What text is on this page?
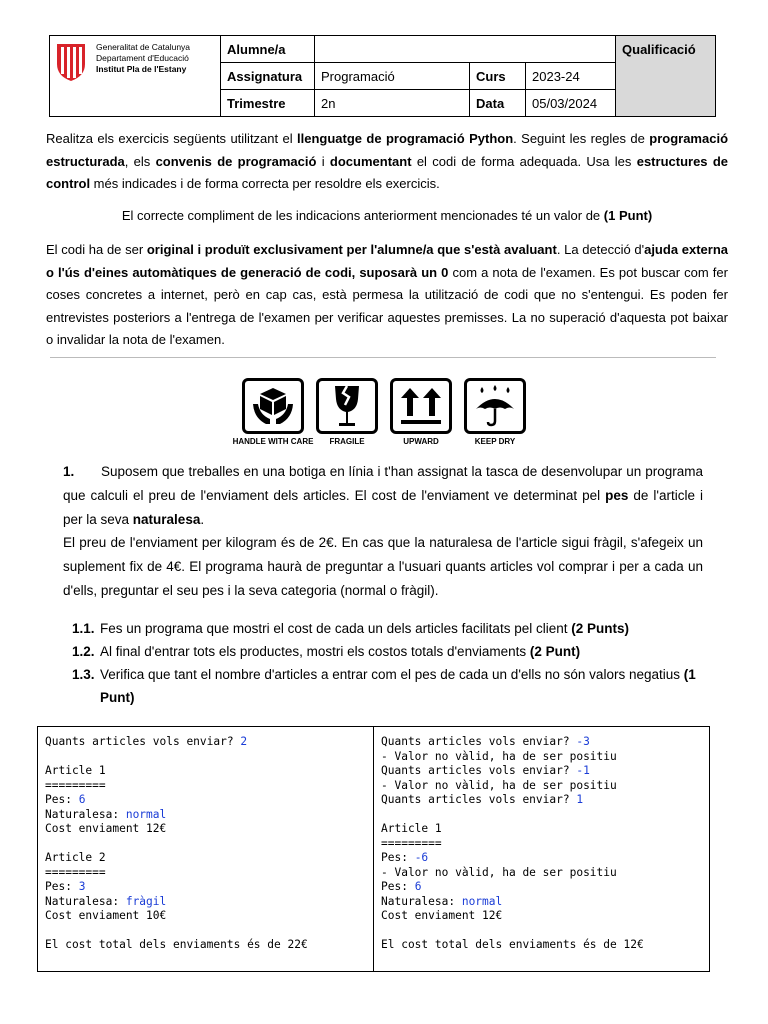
Generalitat de Catalunya
Departament d'Educació
Institut Pla de l'Estany	Alumne/a				Qualificació
	Assignatura	Programació	Curs	2023-24	
	Trimestre	2n	Data	05/03/2024	
Realitza els exercicis següents utilitzant el llenguatge de programació Python. Seguint les regles de programació estructurada, els convenis de programació i documentant el codi de forma adequada. Usa les estructures de control més indicades i de forma correcta per resoldre els exercicis.
El correcte compliment de les indicacions anteriorment mencionades té un valor de (1 Punt)
El codi ha de ser original i produït exclusivament per l'alumne/a que s'està avaluant. La detecció d'ajuda externa o l'ús d'eines automàtiques de generació de codi, suposarà un 0 com a nota de l'examen. Es pot buscar com fer coses concretes a internet, però en cap cas, està permesa la utilització de codi que no s'entengui. Es poden fer entrevistes posteriors a l'entrega de l'examen per verificar aquestes premisses. La no superació d'aquesta pot baixar o invalidar la nota de l'examen.
HANDLE WITH CARE FRAGILE	UPWARD	KEEP DRY
1. Suposem que treballes en una botiga en línia i t'han assignat la tasca de desenvolupar un programa que calculi el preu de l'enviament dels articles. El cost de l'enviament ve determinat pel pes de l'article i per la seva naturalesa.
El preu de l'enviament per kilogram és de 2€. En cas que la naturalesa de l'article sigui fràgil, s'afegeix un suplement fix de 4€. El programa haurà de preguntar a l'usuari quants articles vol comprar i per a cada un d'ells, preguntar el seu pes i la seva categoria (normal o fràgil).
1.1. Fes un programa que mostri el cost de cada un dels articles facilitats pel client (2 Punts)
1.2. Al final d'entrar tots els productes, mostri els costos totals d'enviaments (2 Punt)
1.3. Verifica que tant el nombre d'articles a entrar com el pes de cada un d'ells no són valors negatius (1 Punt)
Quants articles vols enviar? 2
Article 1
=========
Pes: 6
Naturalesa: normal
Cost enviament 12€
Article 2
=========
Pes: 3
Naturalesa: fràgil
Cost enviament 10€
El cost total dels enviaments és de 22€
Quants articles vols enviar? -3
- Valor no vàlid, ha de ser positiu
Quants articles vols enviar? -1
- Valor no vàlid, ha de ser positiu
Quants articles vols enviar? 1
Article 1
=========
Pes: -6
- Valor no vàlid, ha de ser positiu
Pes: 6
Naturalesa: normal
Cost enviament 12€
El cost total dels enviaments és de 12€
